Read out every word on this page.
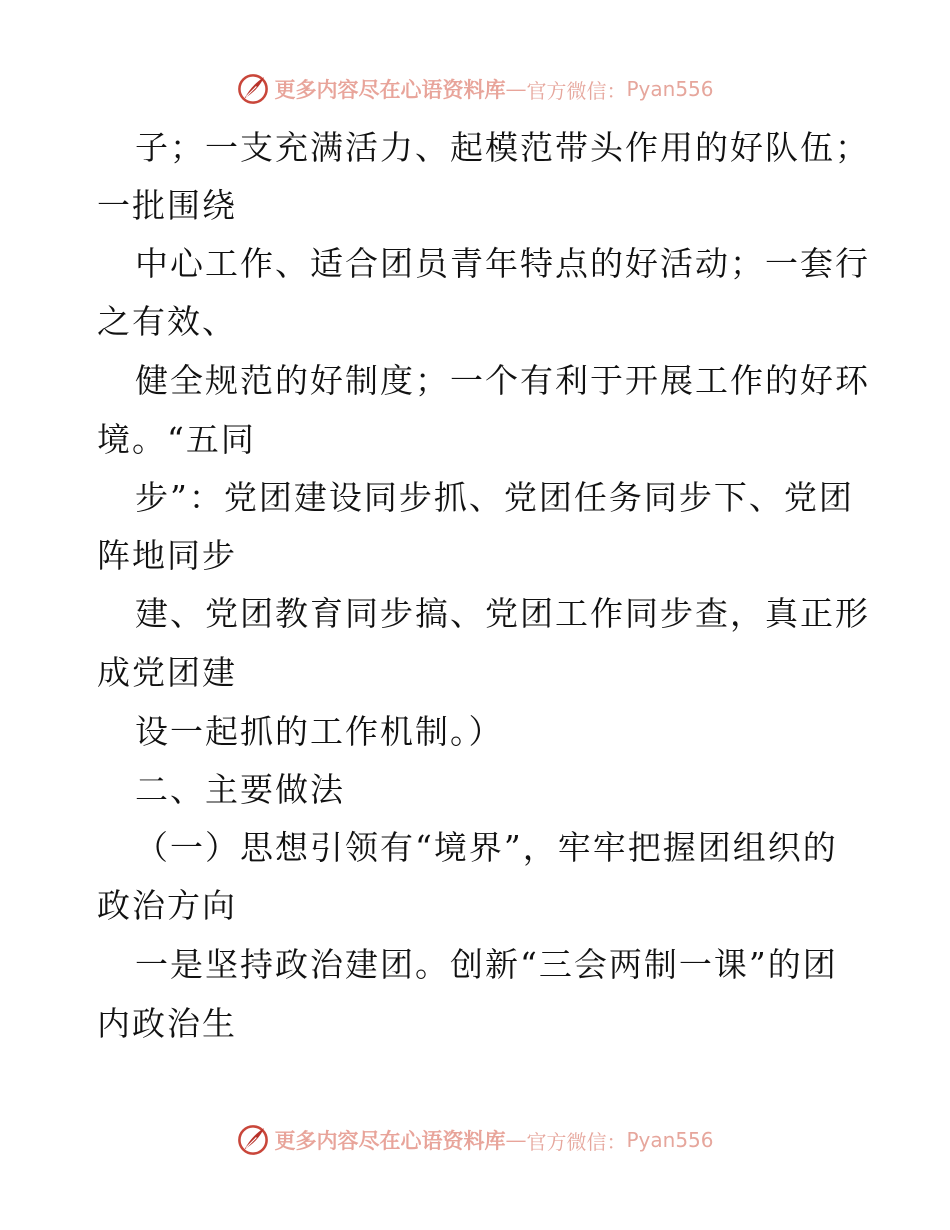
更多内容尽在心语资料库 — 官方微信： Pyan556
子；一支充满活力、起模范带头作用的好队伍；
一批围绕
中心工作、适合团员青年特点的好活动；一套行
之有效、
健全规范的好制度；一个有利于开展工作的好环
境。“五同
步”：党团建设同步抓、党团任务同步下、党团
阵地同步
建、党团教育同步搞、党团工作同步查，真正形
成党团建
设一起抓的工作机制。）
二、主要做法
（一）思想引领有“境界”，牢牢把握团组织的
政治方向
一是坚持政治建团。创新“三会两制一课”的团
内政治生
更多内容尽在心语资料库 — 官方微信： Pyan556
